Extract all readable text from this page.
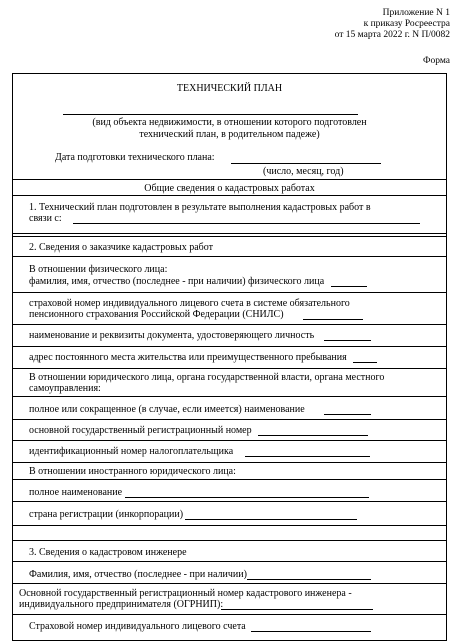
Приложение N 1
к приказу Росреестра
от 15 марта 2022 г. N П/0082
Форма
ТЕХНИЧЕСКИЙ ПЛАН
(вид объекта недвижимости, в отношении которого подготовлен
технический план, в родительном падеже)
Дата подготовки технического плана:
(число, месяц, год)
Общие сведения о кадастровых работах
1. Технический план подготовлен в результате выполнения кадастровых работ в
связи с:
2. Сведения о заказчике кадастровых работ
В отношении физического лица:
фамилия, имя, отчество (последнее - при наличии) физического лица
страховой номер индивидуального лицевого счета в системе обязательного
пенсионного страхования Российской Федерации (СНИЛС)
наименование и реквизиты документа, удостоверяющего личность
адрес постоянного места жительства или преимущественного пребывания
В отношении юридического лица, органа государственной власти, органа местного
самоуправления:
полное или сокращенное (в случае, если имеется) наименование
основной государственный регистрационный номер
идентификационный номер налогоплательщика
В отношении иностранного юридического лица:
полное наименование
страна регистрации (инкорпорации)
3. Сведения о кадастровом инженере
Фамилия, имя, отчество (последнее - при наличии)
Основной государственный регистрационный номер кадастрового инженера -
индивидуального предпринимателя (ОГРНИП):
Страховой номер индивидуального лицевого счета
